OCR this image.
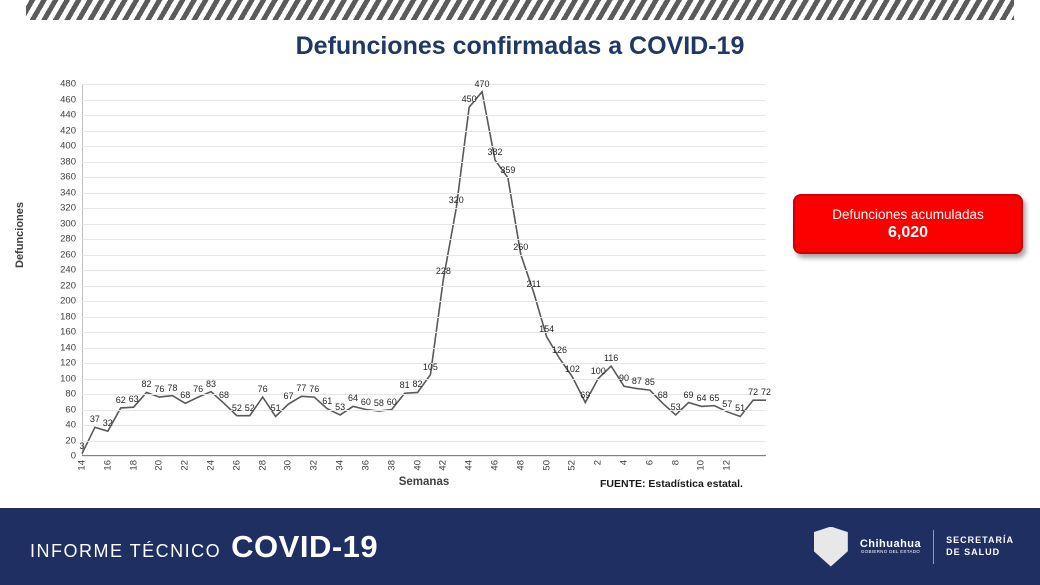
Defunciones confirmadas a COVID-19
Defunciones
0
20
40
60
80
100
120
140
160
180
200
220
240
260
280
300
320
340
360
380
400
420
440
460
480
14 16 18 20 22 24 26 28 30 32 34 36 38 40 42 44 46 48 50 52 2 4 6 8 10 12
3
37 32
62 63
82 76 78
68
76
83
68
52 52
76
51
67
77 76
61
53
64 60 58 60
81 82
105
228
320
450
470
382
359
260
211
154
126
102
69
100
116
90 87 85
68
53
69 64 65
57 51
72 72
Semanas	FUENTE: Estadística estatal.
Defunciones acumuladas
6,020
INFORME TÉCNICO COVID-19	Chihuahua
GOBIERNO DEL ESTADO
SECRETARÍA
DE SALUD
